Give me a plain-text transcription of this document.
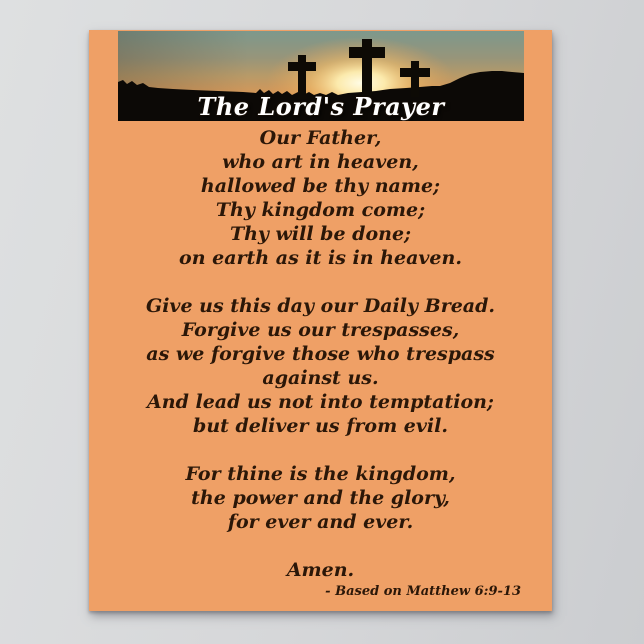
The Lord's Prayer
Our Father,
who art in heaven,
hallowed be thy name;
Thy kingdom come;
Thy will be done;
on earth as it is in heaven.
Give us this day our Daily Bread.
Forgive us our trespasses,
as we forgive those who trespass
against us.
And lead us not into temptation;
but deliver us from evil.
For thine is the kingdom,
the power and the glory,
for ever and ever.
Amen.
- Based on Matthew 6:9-13
